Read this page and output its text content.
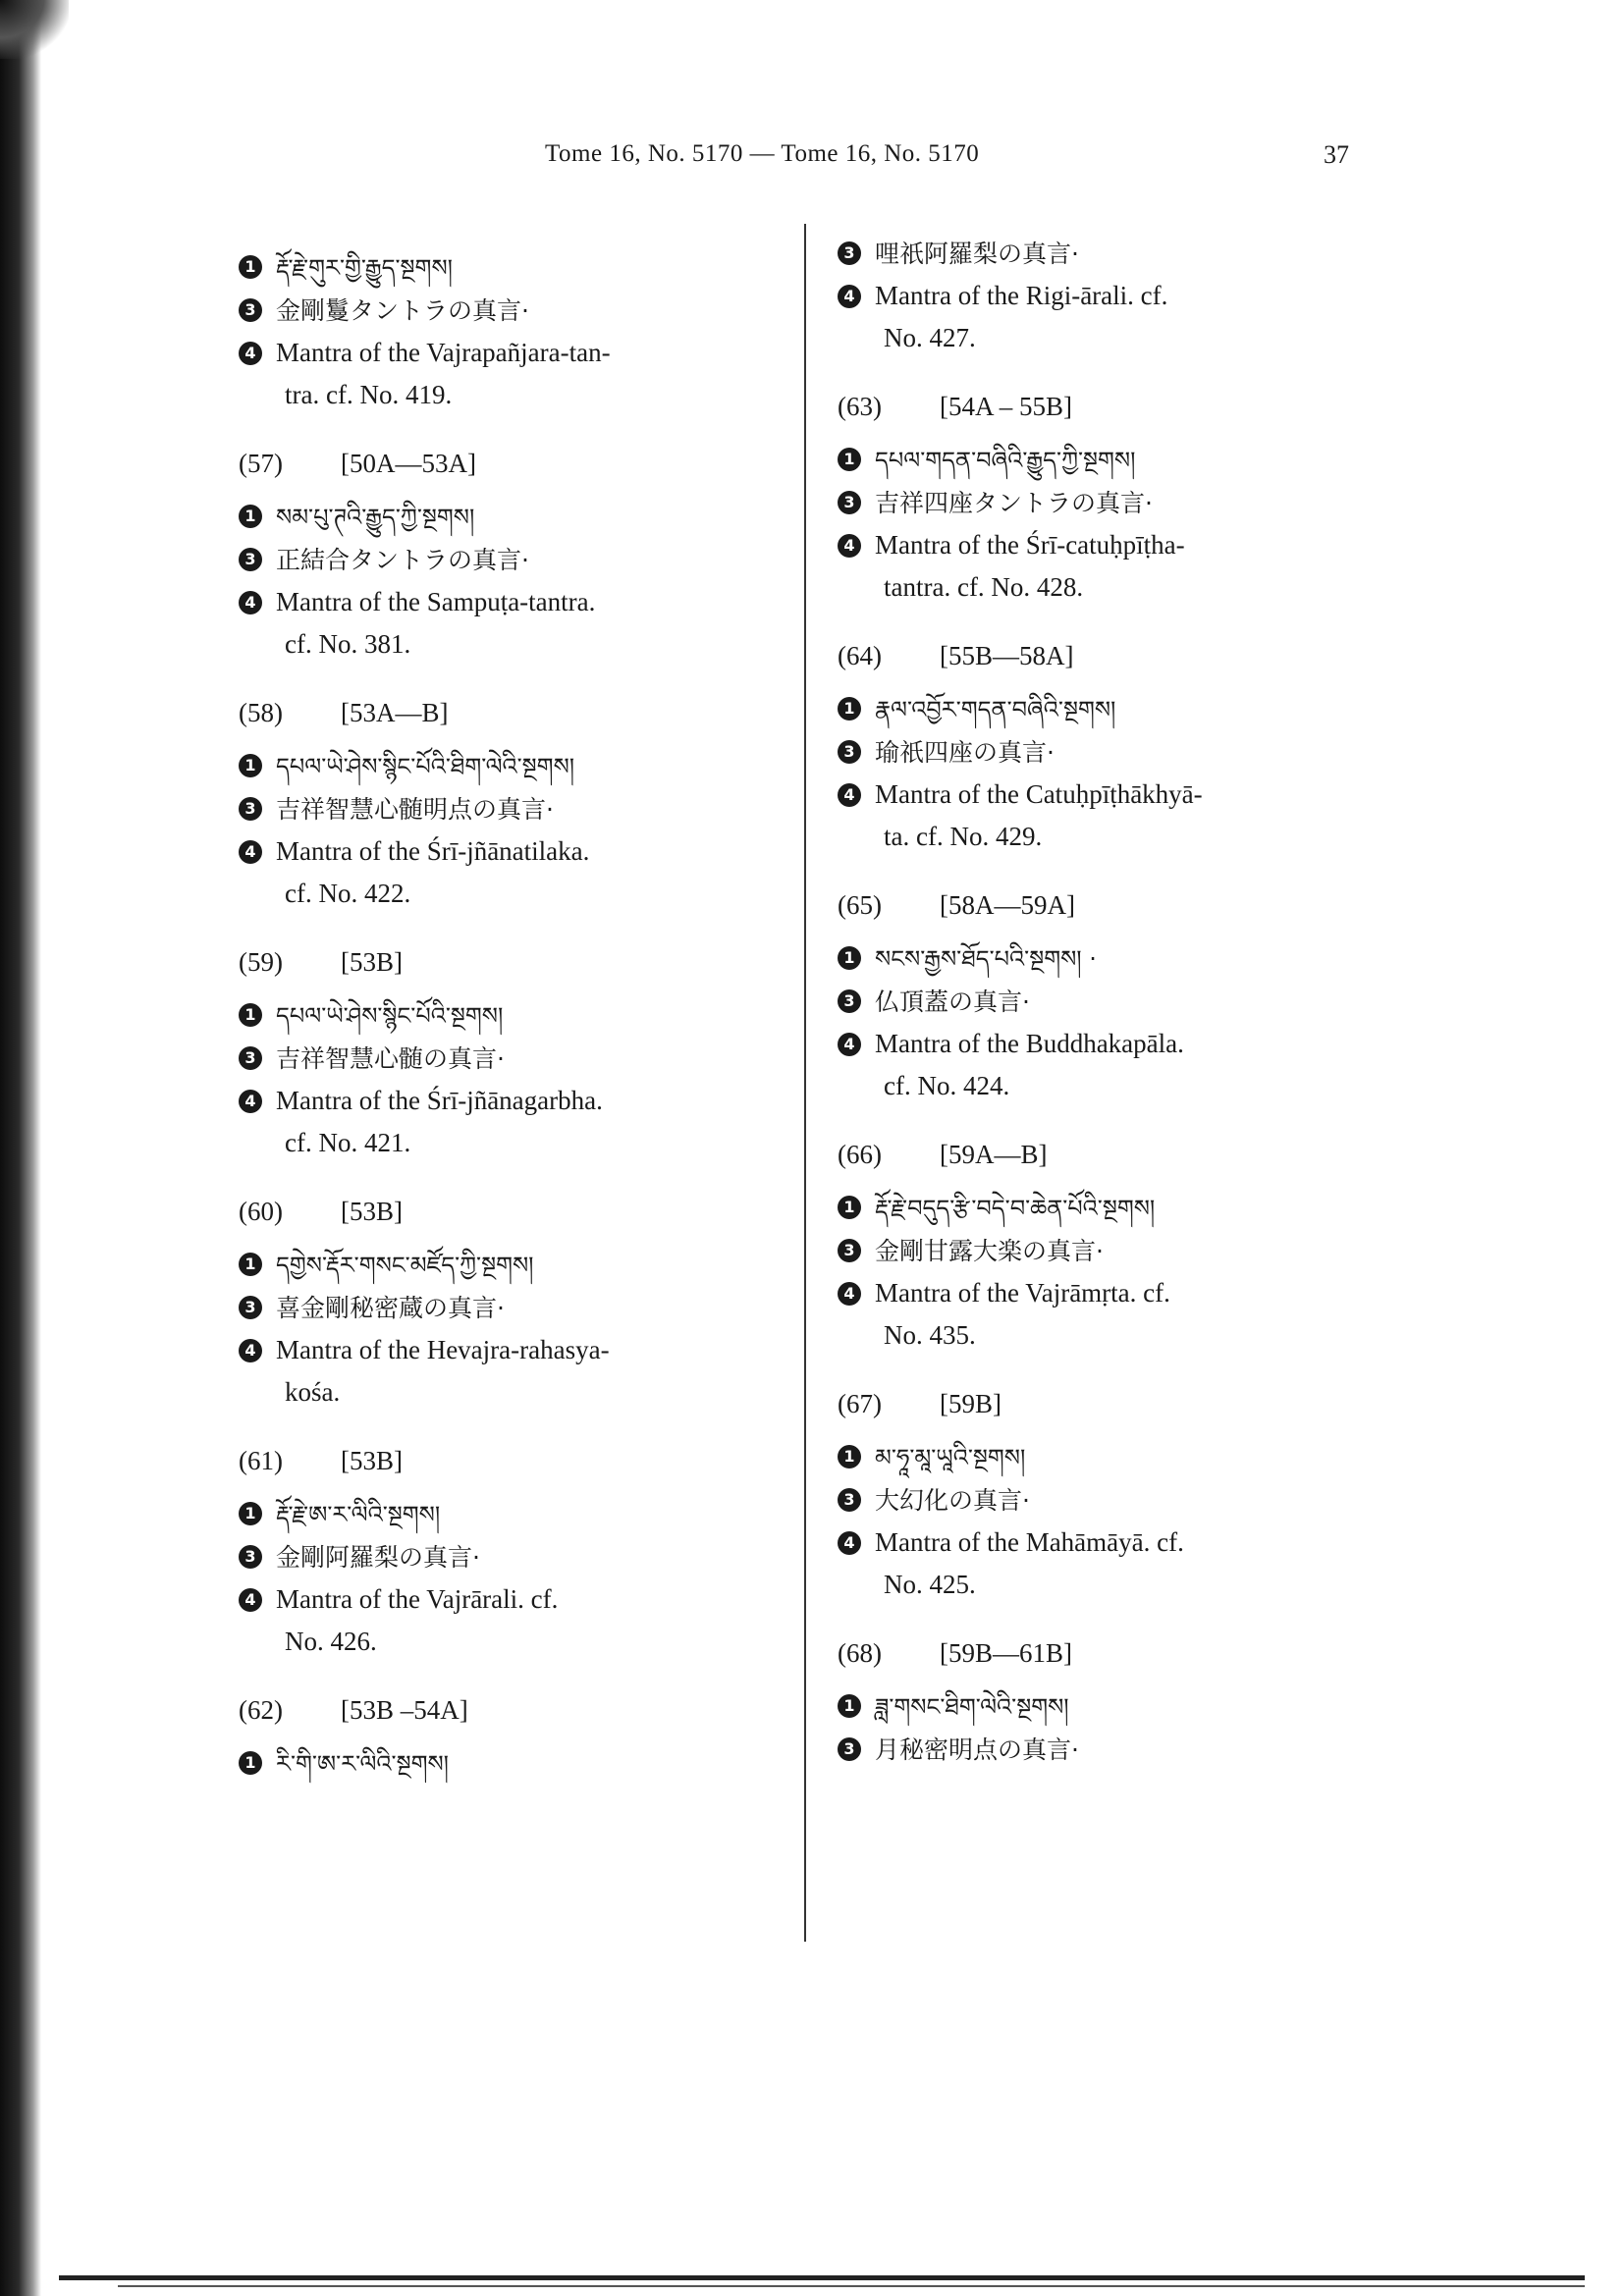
Tome 16, No. 5170 — Tome 16, No. 5170	37
1 རྡོ་རྗེ་གུར་གྱི་རྒྱུད་སྔགས།
3 金剛鬘タントラの真言·
4 Mantra of the Vajrapañjara-tan-
tra. cf. No. 419.
(57) [50A—53A]
1 སམ་པུ་ཊའི་རྒྱུད་ཀྱི་སྔགས།
3 正結合タントラの真言·
4 Mantra of the Sampuṭa-tantra.
cf. No. 381.
(58) [53A—B]
1 དཔལ་ཡེ་ཤེས་སྙིང་པོའི་ཐིག་ལེའི་སྔགས།
3 吉祥智慧心髄明点の真言·
4 Mantra of the Śrī-jñānatilaka.
cf. No. 422.
(59) [53B]
1 དཔལ་ཡེ་ཤེས་སྙིང་པོའི་སྔགས།
3 吉祥智慧心髄の真言·
4 Mantra of the Śrī-jñānagarbha.
cf. No. 421.
(60) [53B]
1 དགྱེས་རྡོར་གསང་མཛོད་ཀྱི་སྔགས།
3 喜金剛秘密蔵の真言·
4 Mantra of the Hevajra-rahasya-
kośa.
(61) [53B]
1 རྡོ་རྗེ་ཨ་ར་ལིའི་སྔགས།
3 金剛阿羅梨の真言·
4 Mantra of the Vajrārali. cf.
No. 426.
(62) [53B –54A]
1 རི་གི་ཨ་ར་ལིའི་སྔགས།
3 哩祇阿羅梨の真言·
4 Mantra of the Rigi-ārali. cf.
No. 427.
(63) [54A – 55B]
1 དཔལ་གདན་བཞིའི་རྒྱུད་ཀྱི་སྔགས།
3 吉祥四座タントラの真言·
4 Mantra of the Śrī-catuḥpīṭha-
tantra. cf. No. 428.
(64) [55B—58A]
1 རྣལ་འབྱོར་གདན་བཞིའི་སྔགས།
3 瑜祇四座の真言·
4 Mantra of the Catuḥpīṭhākhyā-
ta. cf. No. 429.
(65) [58A—59A]
1 སངས་རྒྱས་ཐོད་པའི་སྔགས། ·
3 仏頂蓋の真言·
4 Mantra of the Buddhakapāla.
cf. No. 424.
(66) [59A—B]
1 རྡོ་རྗེ་བདུད་རྩི་བདེ་བ་ཆེན་པོའི་སྔགས།
3 金剛甘露大楽の真言·
4 Mantra of the Vajrāmṛta. cf.
No. 435.
(67) [59B]
1 མ་ཧཱ་མཱ་ཡཱའི་སྔགས།
3 大幻化の真言·
4 Mantra of the Mahāmāyā. cf.
No. 425.
(68) [59B—61B]
1 ཟླ་གསང་ཐིག་ལེའི་སྔགས།
3 月秘密明点の真言·
